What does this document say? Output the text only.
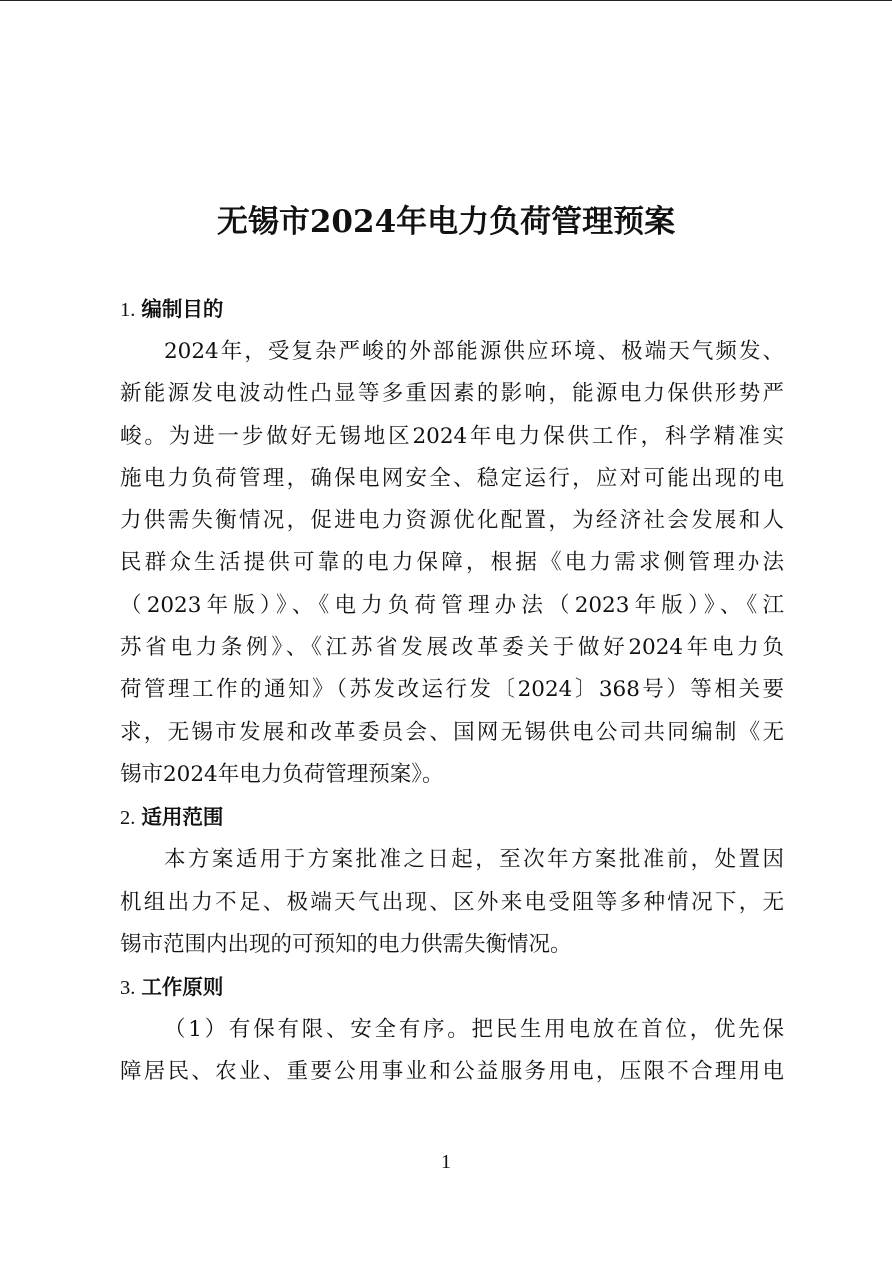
无锡市2024年电力负荷管理预案
1. 编制目的
2024年，受复杂严峻的外部能源供应环境、极端天气频发、
新能源发电波动性凸显等多重因素的影响，能源电力保供形势严
峻。为进一步做好无锡地区2024年电力保供工作，科学精准实
施电力负荷管理，确保电网安全、稳定运行，应对可能出现的电
力供需失衡情况，促进电力资源优化配置，为经济社会发展和人
民群众生活提供可靠的电力保障，根据《电力需求侧管理办法
（2023年版）》、《电力负荷管理办法（2023年版）》、《江
苏省电力条例》、《江苏省发展改革委关于做好2024年电力负
荷管理工作的通知》（苏发改运行发〔2024〕368号）等相关要
求，无锡市发展和改革委员会、国网无锡供电公司共同编制《无
锡市2024年电力负荷管理预案》。
2. 适用范围
本方案适用于方案批准之日起，至次年方案批准前，处置因
机组出力不足、极端天气出现、区外来电受阻等多种情况下，无
锡市范围内出现的可预知的电力供需失衡情况。
3. 工作原则
（1）有保有限、安全有序。把民生用电放在首位，优先保
障居民、农业、重要公用事业和公益服务用电，压限不合理用电
1
